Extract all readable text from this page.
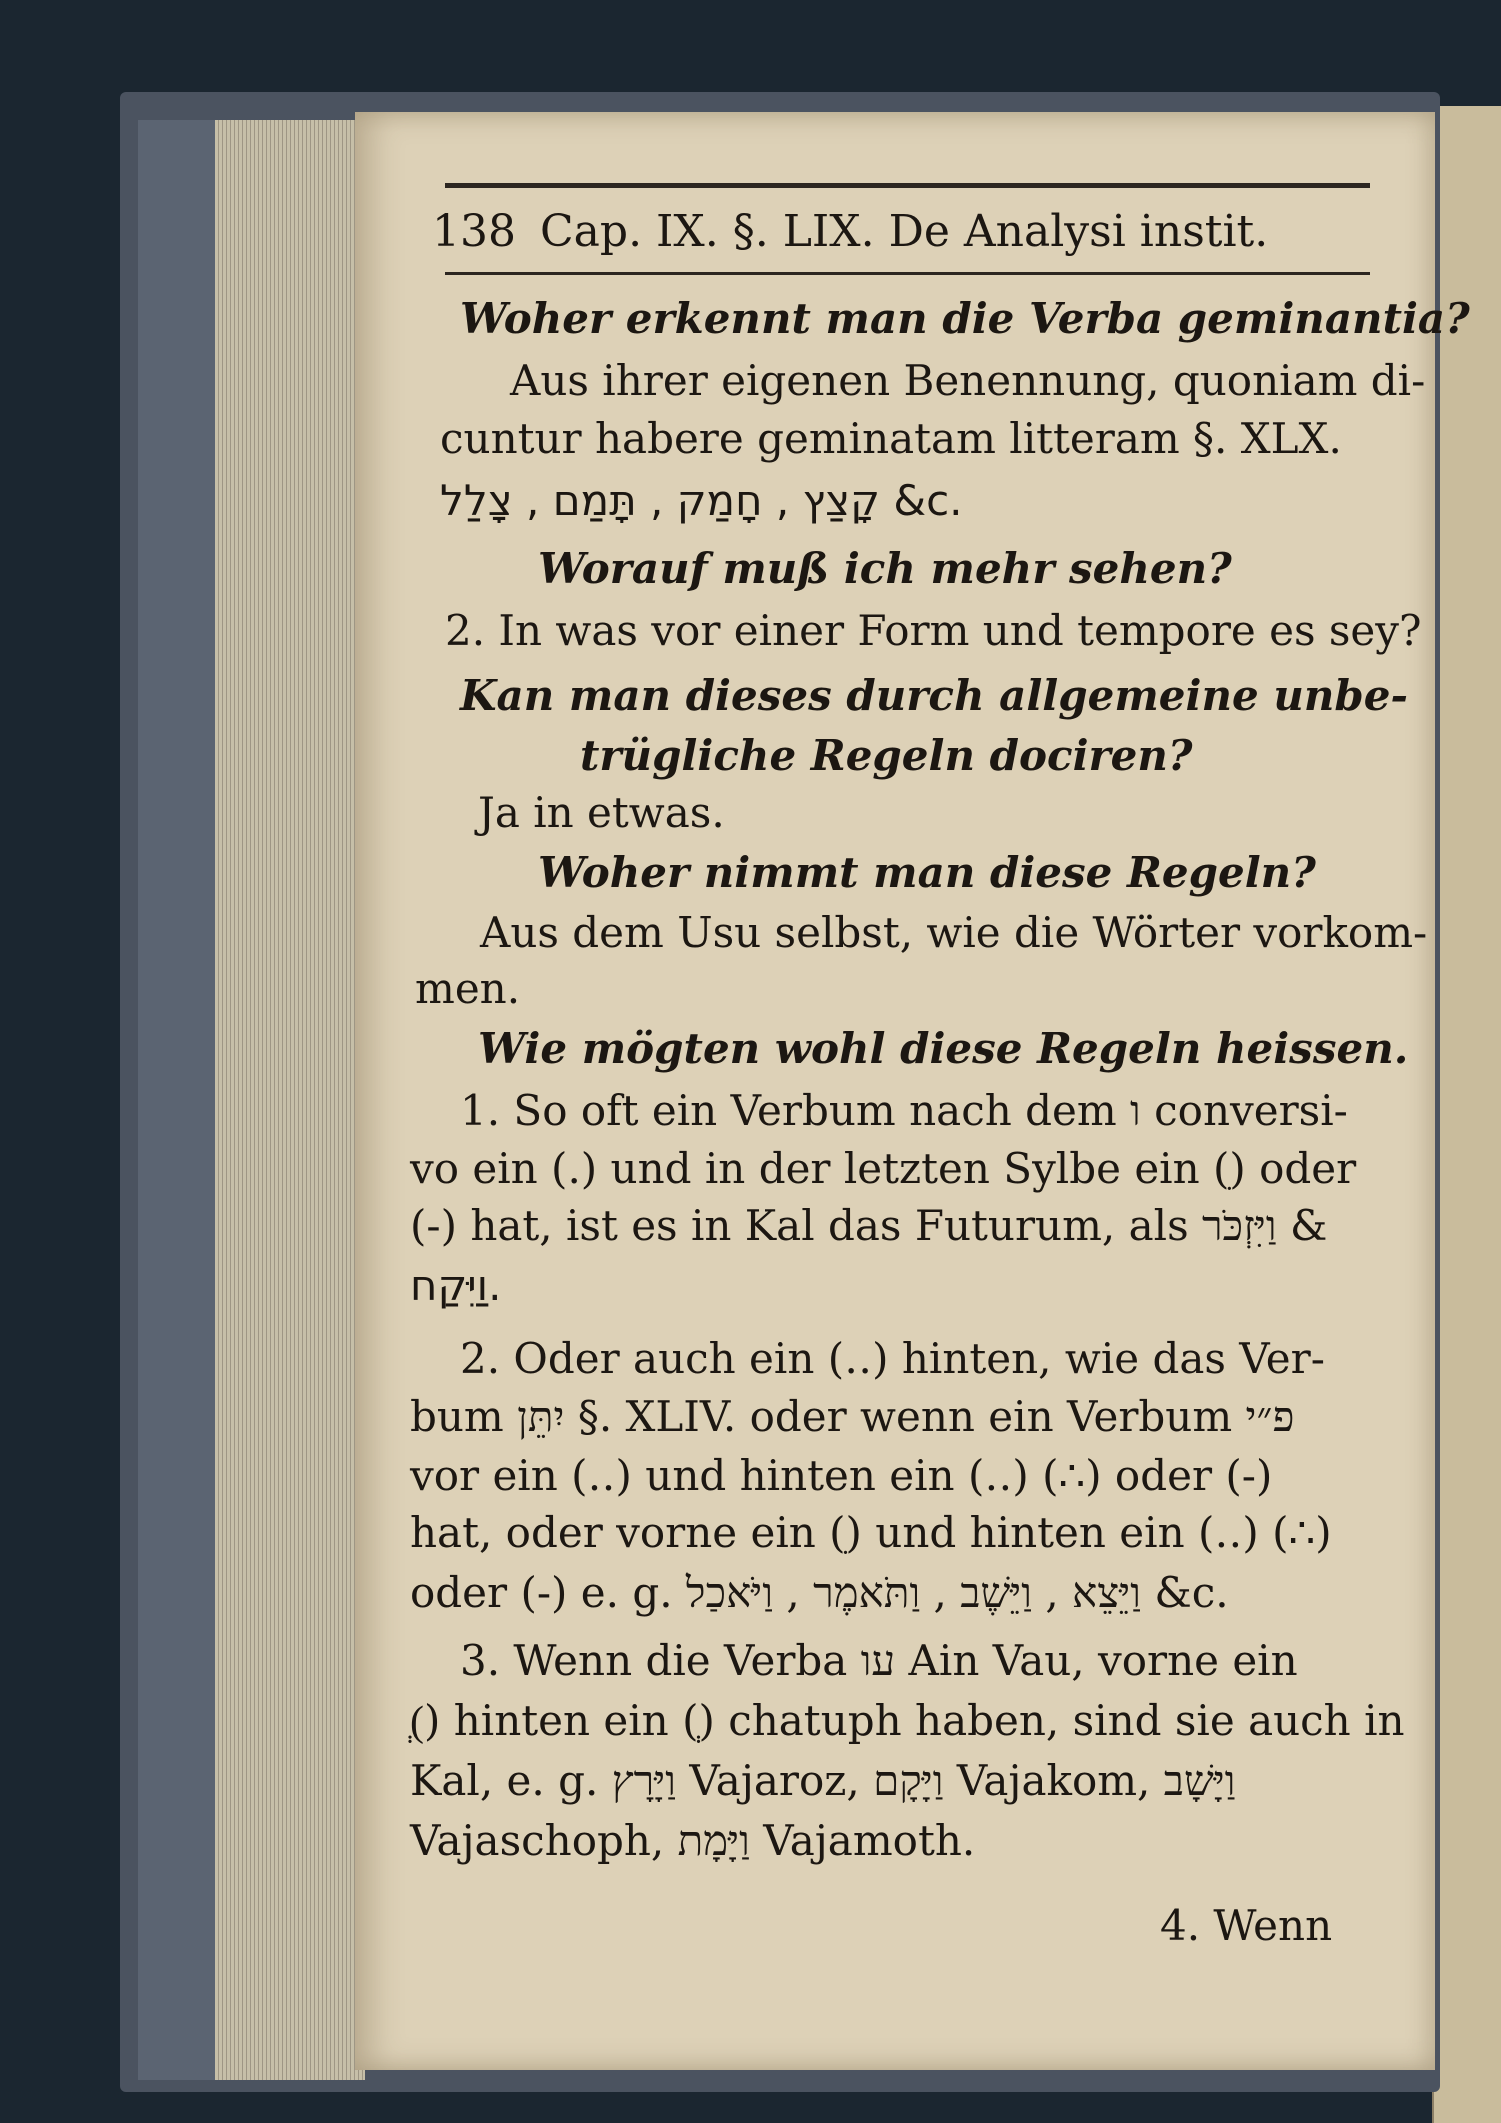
138 Cap. IX. §. LIX. De Analysi instit.
Woher erkennt man die Verba geminantia?
Aus ihrer eigenen Benennung, quoniam di-
cuntur habere geminatam litteram §. XLX.
קָצַץ , חָמַק , תָּמַם , צָלַל &c.
Worauf muß ich mehr sehen?
2. In was vor einer Form und tempore es sey?
Kan man dieses durch allgemeine unbe-
trügliche Regeln dociren?
Ja in etwas.
Woher nimmt man diese Regeln?
Aus dem Usu selbst, wie die Wörter vorkom-
men.
Wie mögten wohl diese Regeln heissen.
1. So oft ein Verbum nach dem ו conversi-
vo ein (.) und in der letzten Sylbe ein (ִ) oder
(-) hat, ist es in Kal das Futurum, als וַיִּזְכֹּר &
וַיִּקַח.
2. Oder auch ein (‥) hinten, wie das Ver-
bum יִתֵּן §. XLIV. oder wenn ein Verbum פ״י
vor ein (‥) und hinten ein (‥) (∴) oder (-)
hat, oder vorne ein (ִ) und hinten ein (‥) (∴)
oder (-) e. g. וַיֵּצֵא , וַיֵּשֶׁב , וַתֹּאמֶר , וַיֹּאכַל &c.
3. Wenn die Verba עו Ain Vau, vorne ein
(ְ) hinten ein (ְ) chatuph haben, sind sie auch in
Kal, e. g. וַיָּרָץ Vajaroz, וַיָּקָם Vajakom, וַיָּשָׁב
Vajaschoph, וַיָּמָת Vajamoth.
4. Wenn
